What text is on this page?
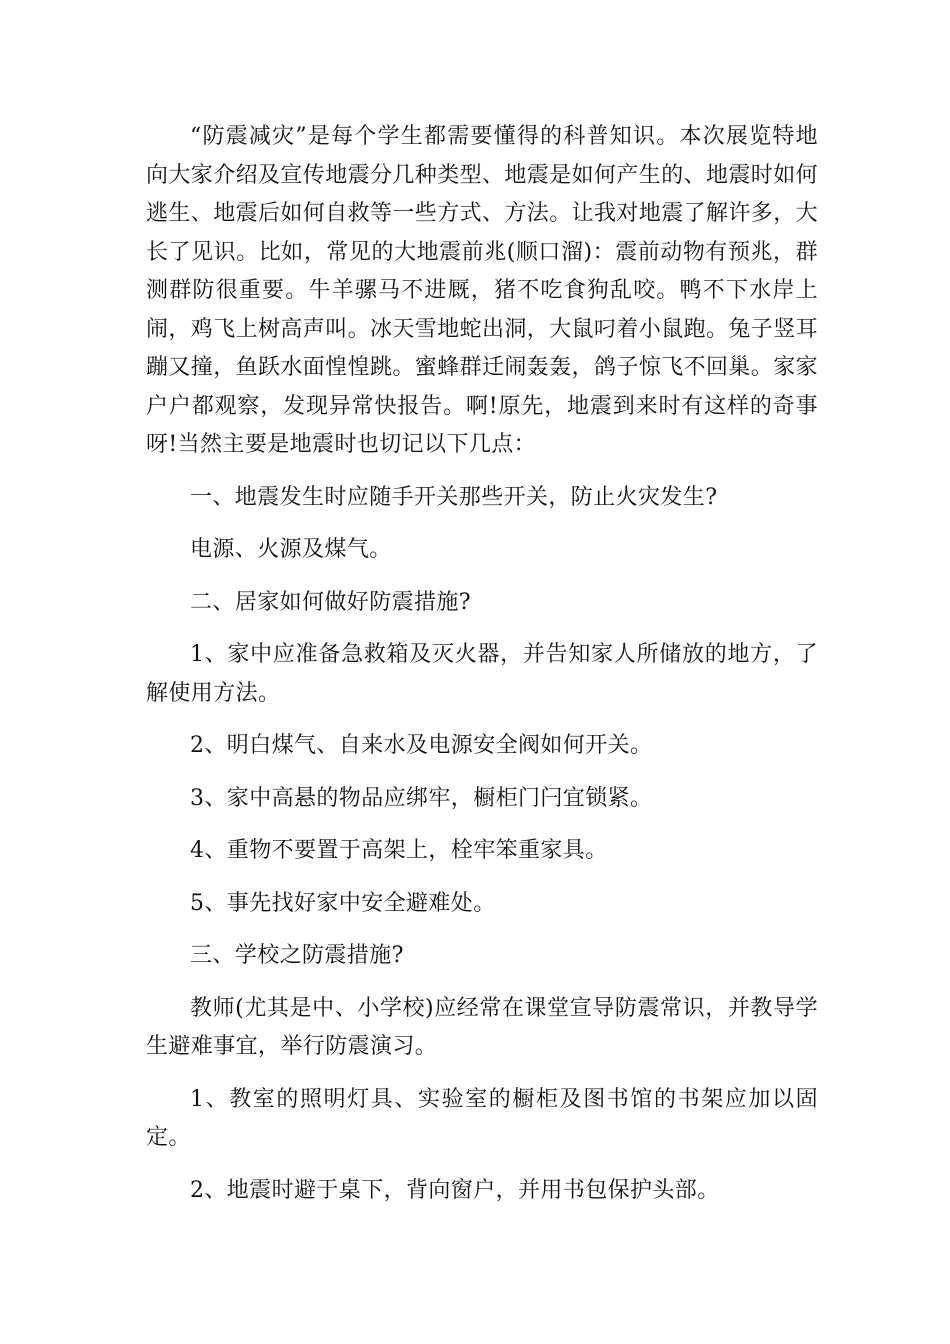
“防震减灾”是每个学生都需要懂得的科普知识。本次展览特地向大家介绍及宣传地震分几种类型、地震是如何产生的、地震时如何逃生、地震后如何自救等一些方式、方法。让我对地震了解许多，大长了见识。比如，常见的大地震前兆(顺口溜)：震前动物有预兆，群测群防很重要。牛羊骡马不进厩，猪不吃食狗乱咬。鸭不下水岸上闹，鸡飞上树高声叫。冰天雪地蛇出洞，大鼠叼着小鼠跑。兔子竖耳蹦又撞，鱼跃水面惶惶跳。蜜蜂群迁闹轰轰，鸽子惊飞不回巢。家家户户都观察，发现异常快报告。啊!原先，地震到来时有这样的奇事呀!当然主要是地震时也切记以下几点：

一、地震发生时应随手开关那些开关，防止火灾发生?

电源、火源及煤气。

二、居家如何做好防震措施?

1、家中应准备急救箱及灭火器，并告知家人所储放的地方，了解使用方法。

2、明白煤气、自来水及电源安全阀如何开关。

3、家中高悬的物品应绑牢，橱柜门闩宜锁紧。

4、重物不要置于高架上，栓牢笨重家具。

5、事先找好家中安全避难处。

三、学校之防震措施?

教师(尤其是中、小学校)应经常在课堂宣导防震常识，并教导学生避难事宜，举行防震演习。

1、教室的照明灯具、实验室的橱柜及图书馆的书架应加以固定。

2、地震时避于桌下，背向窗户，并用书包保护头部。
